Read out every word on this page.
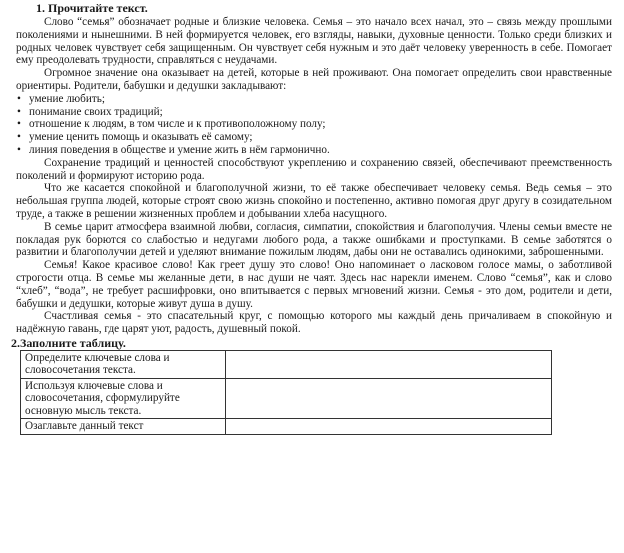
1. Прочитайте текст.

Слово “семья” обозначает родные и близкие человека. Семья – это начало всех начал, это – связь между прошлыми поколениями и нынешними. В ней формируется человек, его взгляды, навыки, духовные ценности. Только среди близких и родных человек чувствует себя защищенным. Он чувствует себя нужным и это даёт человеку уверенность в себе. Помогает ему преодолевать трудности, справляться с неудачами.

Огромное значение она оказывает на детей, которые в ней проживают. Она помогает определить свои нравственные ориентиры. Родители, бабушки и дедушки закладывают:

• умение любить;
• понимание своих традиций;
• отношение к людям, в том числе и к противоположному полу;
• умение ценить помощь и оказывать её самому;
• линия поведения в обществе и умение жить в нём гармонично.

Сохранение традиций и ценностей способствуют укреплению и сохранению связей, обеспечивают преемственность поколений и формируют историю рода.

Что же касается спокойной и благополучной жизни, то её также обеспечивает человеку семья. Ведь семья – это небольшая группа людей, которые строят свою жизнь спокойно и постепенно, активно помогая друг другу в созидательном труде, а также в решении жизненных проблем и добывании хлеба насущного.

В семье царит атмосфера взаимной любви, согласия, симпатии, спокойствия и благополучия. Члены семьи вместе не покладая рук борются со слабостью и недугами любого рода, а также ошибками и проступками. В семье заботятся о развитии и благополучии детей и уделяют внимание пожилым людям, дабы они не оставались одинокими, заброшенными.

Семья! Какое красивое слово! Как греет душу это слово! Оно напоминает о ласковом голосе мамы, о заботливой строгости отца. В семье мы желанные дети, в нас души не чаят. Здесь нас нарекли именем. Слово “семья”, как и слово “хлеб”, “вода”, не требует расшифровки, оно впитывается с первых мгновений жизни. Семья - это дом, родители и дети, бабушки и дедушки, которые живут душа в душу.

Счастливая семья - это спасательный круг, с помощью которого мы каждый день причаливаем в спокойную и надёжную гавань, где царят уют, радость, душевный покой.

2.Заполните таблицу.
Определите ключевые слова и словосочетания текста.	
Используя ключевые слова и словосочетания, сформулируйте основную мысль текста.	
Озаглавьте данный текст	
